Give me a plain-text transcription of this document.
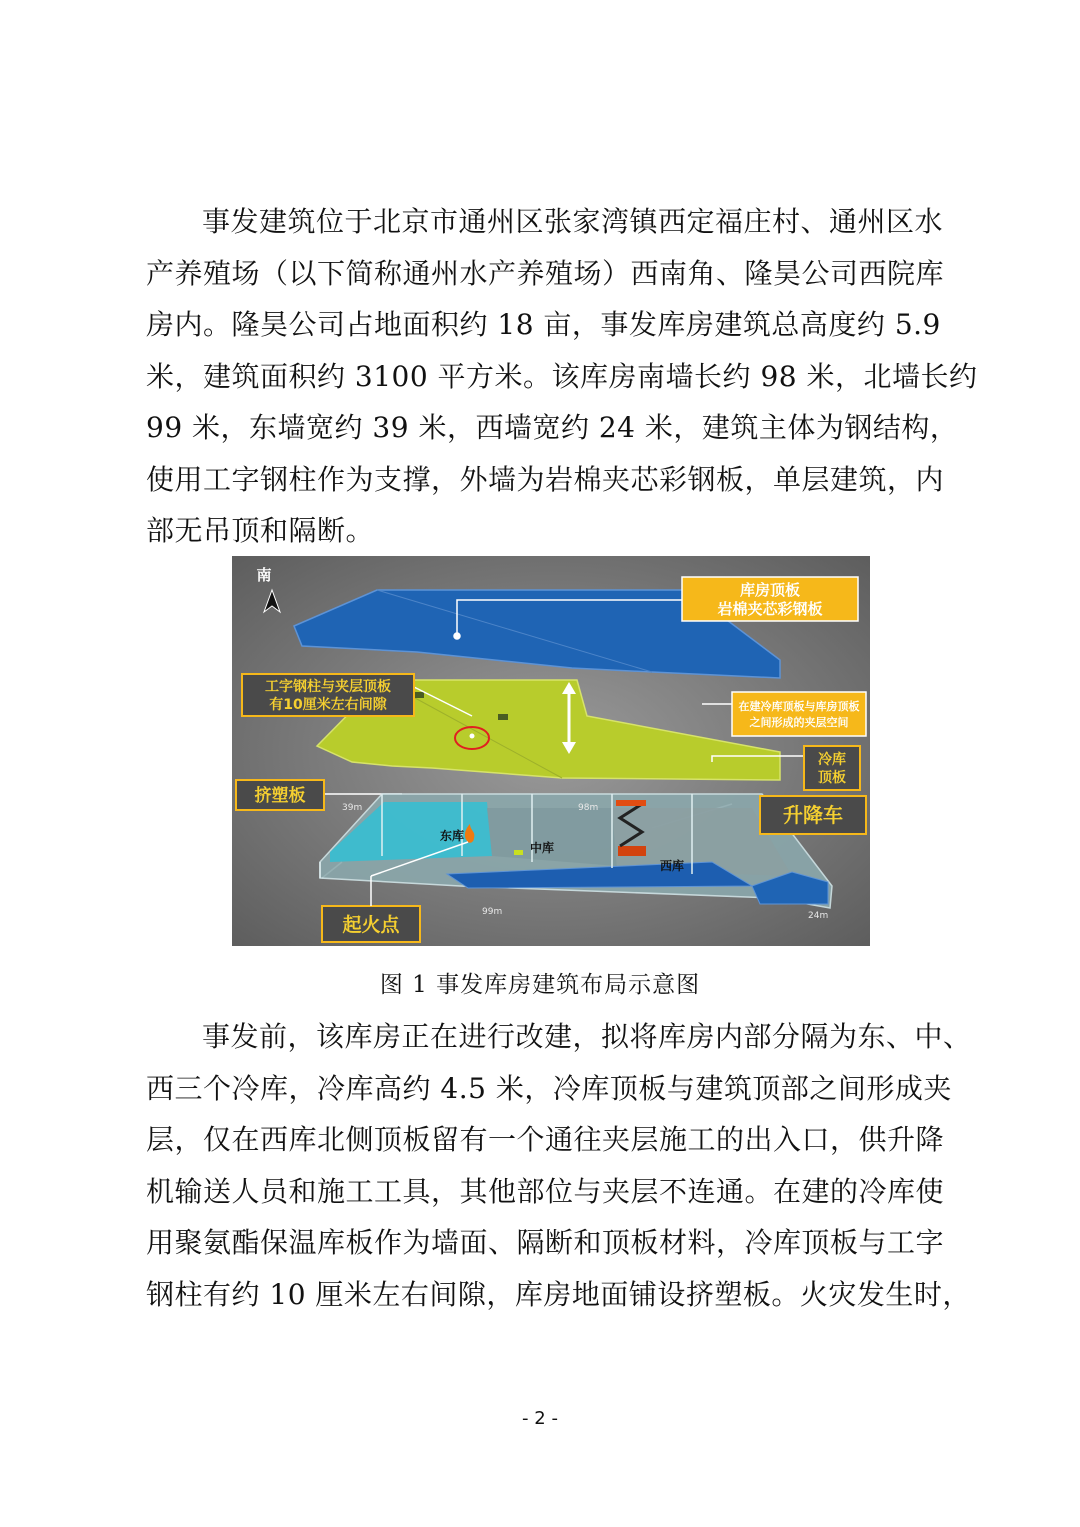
事发建筑位于北京市通州区张家湾镇西定福庄村、通州区水
产养殖场（以下简称通州水产养殖场）西南角、隆昊公司西院库
房内。隆昊公司占地面积约 18 亩，事发库房建筑总高度约 5.9
米，建筑面积约 3100 平方米。该库房南墙长约 98 米，北墙长约
99 米，东墙宽约 39 米，西墙宽约 24 米，建筑主体为钢结构，
使用工字钢柱作为支撑，外墙为岩棉夹芯彩钢板，单层建筑，内
部无吊顶和隔断。
南
东库
中库
西库
39m	98m
99m	24m
库房顶板
岩棉夹芯彩钢板
工字钢柱与夹层顶板
有10厘米左右间隙	在建冷库顶板与库房顶板
之间形成的夹层空间
冷库
顶板
挤塑板
升降车
起火点
图 1 事发库房建筑布局示意图
事发前，该库房正在进行改建，拟将库房内部分隔为东、中、
西三个冷库，冷库高约 4.5 米，冷库顶板与建筑顶部之间形成夹
层，仅在西库北侧顶板留有一个通往夹层施工的出入口，供升降
机输送人员和施工工具，其他部位与夹层不连通。在建的冷库使
用聚氨酯保温库板作为墙面、隔断和顶板材料，冷库顶板与工字
钢柱有约 10 厘米左右间隙，库房地面铺设挤塑板。火灾发生时，
- 2 -
